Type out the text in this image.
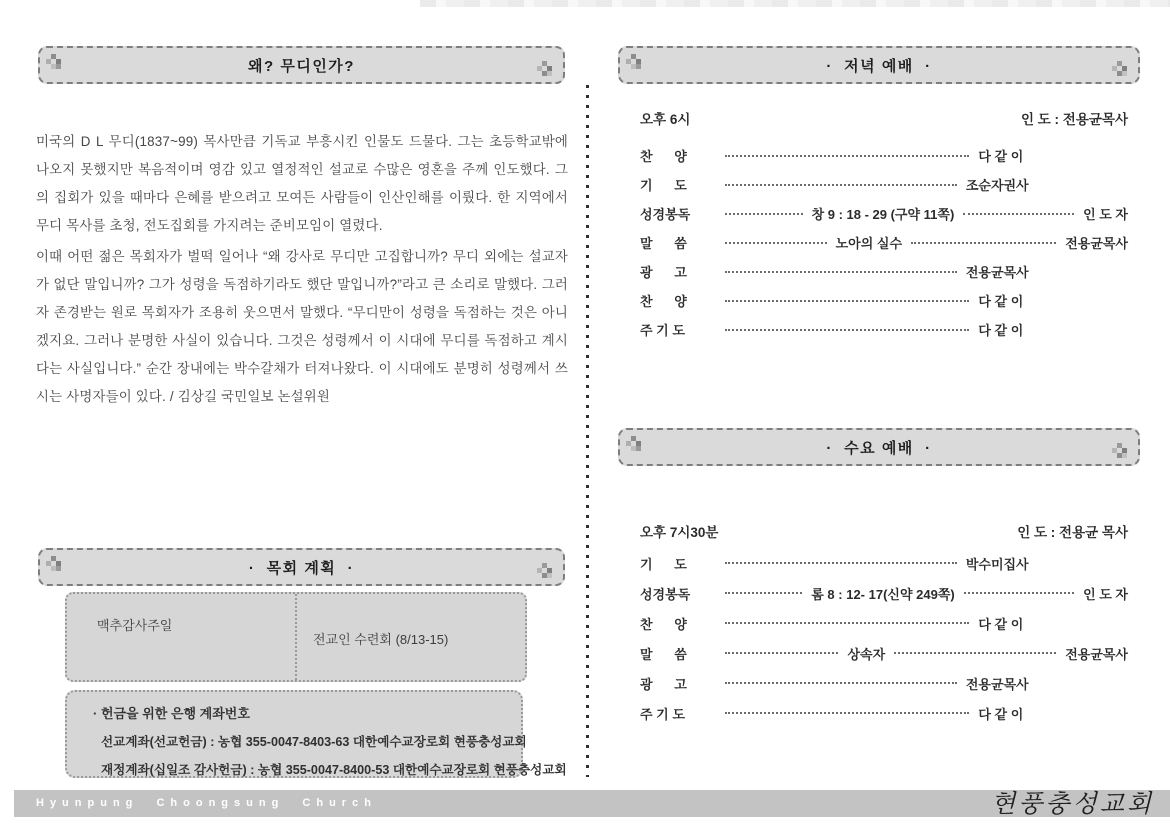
왜? 무디인가?

미국의 D L 무디(1837~99) 목사만큼 기독교 부흥시킨 인물도 드물다. 그는 초등학교밖에 나오지 못했지만 복음적이며 영감 있고 열정적인 설교로 수많은 영혼을 주께 인도했다. 그의 집회가 있을 때마다 은혜를 받으려고 모여든 사람들이 인산인해를 이뤘다. 한 지역에서 무디 목사를 초청, 전도집회를 가지려는 준비모임이 열렸다.

이때 어떤 젊은 목회자가 벌떡 일어나 “왜 강사로 무디만 고집합니까? 무디 외에는 설교자가 없단 말입니까? 그가 성령을 독점하기라도 했단 말입니까?”라고 큰 소리로 말했다. 그러자 존경받는 원로 목회자가 조용히 웃으면서 말했다. “무디만이 성령을 독점하는 것은 아니겠지요. 그러나 분명한 사실이 있습니다. 그것은 성령께서 이 시대에 무디를 독점하고 계시다는 사실입니다.” 순간 장내에는 박수갈채가 터져나왔다. 이 시대에도 분명히 성령께서 쓰시는 사명자들이 있다. / 김상길 국민일보 논설위원

·  목회 계획  ·
맥추감사주일
전교인 수련회 (8/13-15)
· 헌금을 위한 은행 계좌번호
선교계좌(선교헌금) : 농협 355-0047-8403-63 대한예수교장로회 현풍충성교회
재정계좌(십일조 감사헌금) : 농협 355-0047-8400-53 대한예수교장로회 현풍충성교회
·  저녁 예배  ·
오후 6시	인 도 : 전용균목사
찬      양	다 같 이
기      도	조순자권사
성경봉독	창 9 : 18 - 29 (구약 11쪽)	인 도 자
말      씀	노아의 실수	전용균목사
광      고	전용균목사
찬      양	다 같 이
주 기 도	다 같 이
·  수요 예배  ·
오후 7시30분	인 도 : 전용균 목사
기      도	박수미집사
성경봉독	롬 8 : 12- 17(신약 249쪽)	인 도 자
찬      양	다 같 이
말      씀	상속자	전용균목사
광      고	전용균목사
주 기 도	다 같 이
Hyunpung  Choongsung  Church	현풍충성교회
